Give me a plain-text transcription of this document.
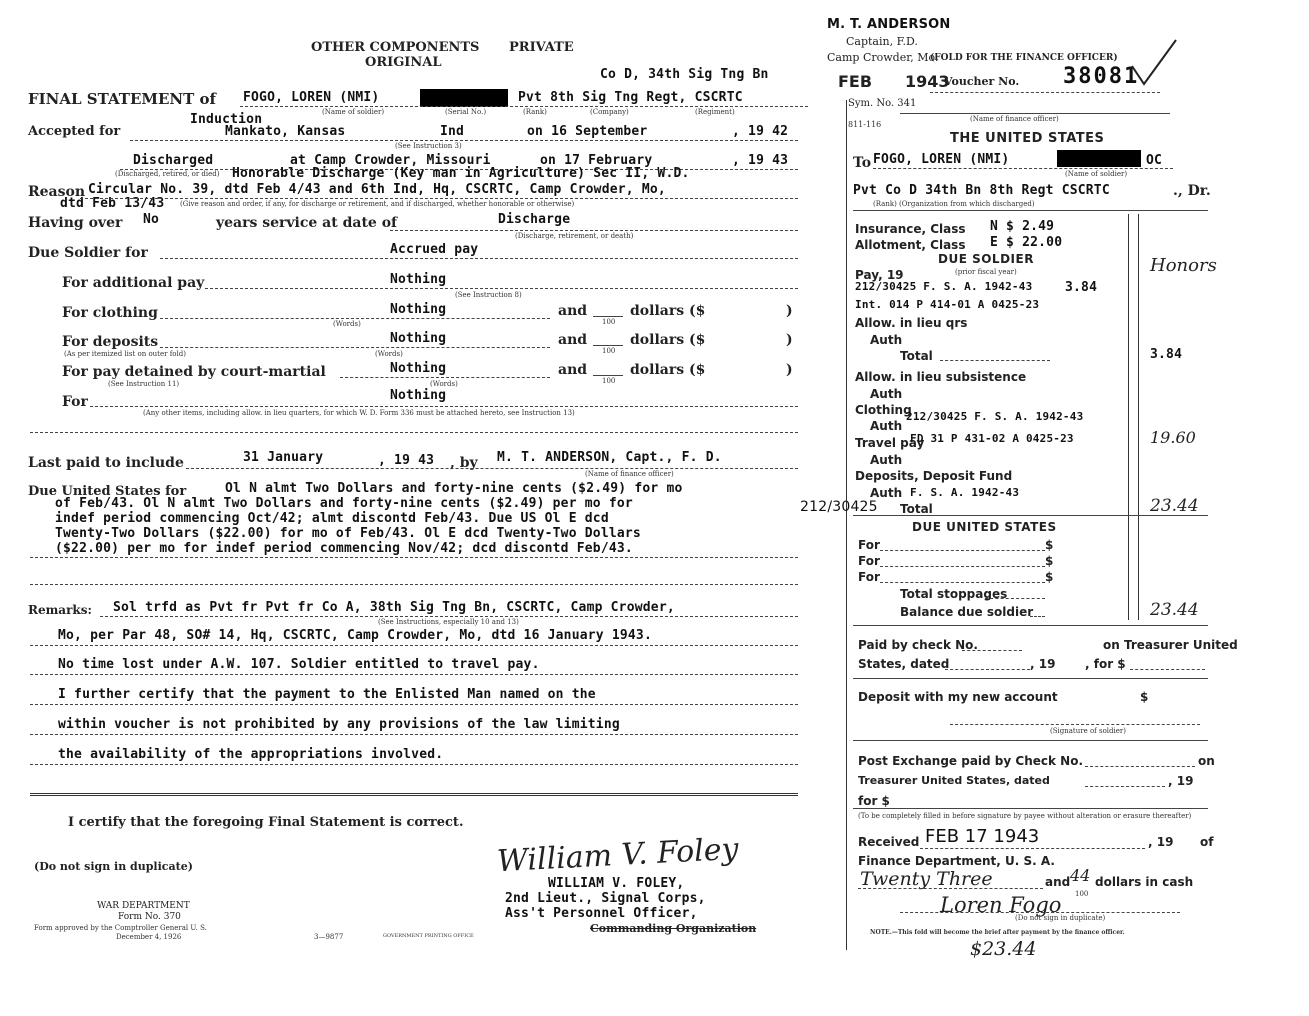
OTHER COMPONENTS PRIVATE
ORIGINAL
Co D, 34th Sig Tng Bn
FINAL STATEMENT of FOGO, LOREN (NMI)	Pvt 8th Sig Tng Regt, CSCRTC
(Name of soldier)	(Serial No.)	(Rank)	(Company)	(Regiment)
Accepted for
Induction
Mankato, Kansas	Ind	on 16 September	, 19 42
(See Instruction 3)
Discharged	at Camp Crowder, Missouri	on 17 February	, 19 43
(Discharged, retired, or died) Honorable Discharge (Key man in Agriculture) Sec II, W.D.
Reason Circular No. 39, dtd Feb 4/43 and 6th Ind, Hq, CSCRTC, Camp Crowder, Mo,
dtd Feb 13/43 (Give reason and order, if any, for discharge or retirement, and if discharged, whether honorable or otherwise)
Having over No	years service at date of	Discharge
(Discharge, retirement, or death)
Due Soldier for	Accrued pay
For additional pay	Nothing
(See Instruction 8)
For clothing	Nothing	and	dollars ($	)
100
(Words)
For deposits	Nothing	and	dollars ($	)
100
(As per itemized list on outer fold)	(Words)
For pay detained by court-martial	Nothing	and	dollars ($	)
100
(See Instruction 11)	(Words)
For	Nothing
(Any other items, including allow. in lieu quarters, for which W. D. Form 336 must be attached hereto, see Instruction 13)
Last paid to include	31 January	, 19 43 , by M. T. ANDERSON, Capt., F. D.
(Name of finance officer)
Due United States for	Ol N almt Two Dollars and forty-nine cents ($2.49) for mo
of Feb/43. Ol N almt Two Dollars and forty-nine cents ($2.49) per mo for
indef period commencing Oct/42; almt discontd Feb/43. Due US Ol E dcd
Twenty-Two Dollars ($22.00) for mo of Feb/43. Ol E dcd Twenty-Two Dollars
($22.00) per mo for indef period commencing Nov/42; dcd discontd Feb/43.
Remarks: Sol trfd as Pvt fr Pvt fr Co A, 38th Sig Tng Bn, CSCRTC, Camp Crowder,
(See Instructions, especially 10 and 13)
Mo, per Par 48, SO# 14, Hq, CSCRTC, Camp Crowder, Mo, dtd 16 January 1943.
No time lost under A.W. 107. Soldier entitled to travel pay.
I further certify that the payment to the Enlisted Man named on the
within voucher is not prohibited by any provisions of the law limiting
the availability of the appropriations involved.
I certify that the foregoing Final Statement is correct.
(Do not sign in duplicate)	William V. Foley
WILLIAM V. FOLEY,
2nd Lieut., Signal Corps,
Ass't Personnel Officer,
Commanding Organization
WAR DEPARTMENT
Form No. 370
Form approved by the Comptroller General U. S.
December 4, 1926	3—9877	GOVERNMENT PRINTING OFFICE
M. T. ANDERSON
Captain, F.D.
Camp Crowder, Mo.
(FOLD FOR THE FINANCE OFFICER)
FEB 1943
Voucher No. 38081
Sym. No. 341
811-116
(Name of finance officer)
THE UNITED STATES
To FOGO, LOREN (NMI)	OC
(Name of soldier)
Pvt Co D 34th Bn 8th Regt CSCRTC	., Dr.
(Rank) (Organization from which discharged)
Insurance, Class N $ 2.49
Allotment, Class E $ 22.00
DUE SOLDIER	Honors
Pay, 19	(prior fiscal year)
212/30425 F. S. A. 1942-43	3.84
Int. 014 P 414-01 A 0425-23
Allow. in lieu qrs
Auth
Total	3.84
Allow. in lieu subsistence
Auth
Clothing
Auth
212/30425 F. S. A. 1942-43
Travel pay
FD 31 P 431-02 A 0425-23	19.60
Auth
Deposits, Deposit Fund
Auth F. S. A. 1942-43
212/30425 Total	23.44
DUE UNITED STATES
For	$
For	$
For	$
Total stoppages
Balance due soldier	23.44
Paid by check No.	on Treasurer United
States, dated	, 19 , for $
Deposit with my new account	$
(Signature of soldier)
Post Exchange paid by Check No.	on
Treasurer United States, dated	, 19
for $
(To be completely filled in before signature by payee without alteration or erasure thereafter)
Received FEB 17 1943	, 19 of
Finance Department, U. S. A.
Twenty Three	and 44 dollars in cash
100
Loren Fogo
(Do not sign in duplicate)
NOTE.—This fold will become the brief after payment by the finance officer.
$23.44
